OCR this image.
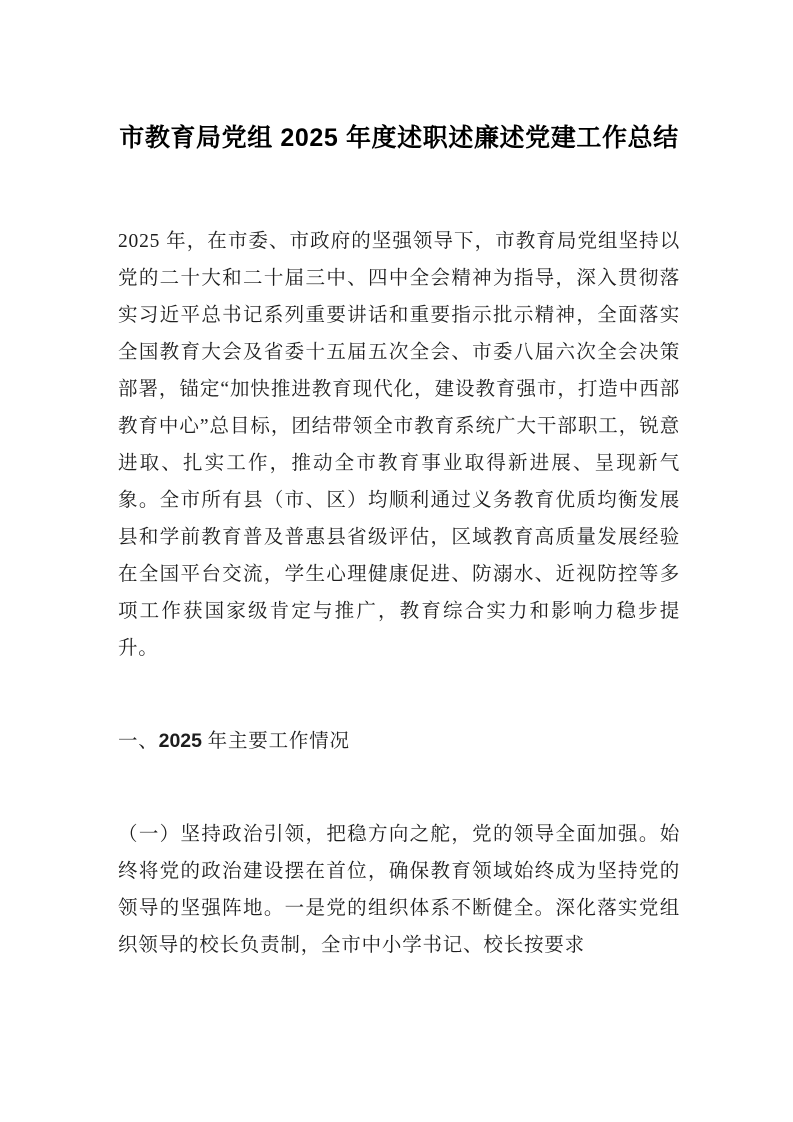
市教育局党组 2025 年度述职述廉述党建工作总结

2025 年，在市委、市政府的坚强领导下，市教育局党组坚持以党的二十大和二十届三中、四中全会精神为指导，深入贯彻落实习近平总书记系列重要讲话和重要指示批示精神，全面落实全国教育大会及省委十五届五次全会、市委八届六次全会决策部署，锚定“加快推进教育现代化，建设教育强市，打造中西部教育中心”总目标，团结带领全市教育系统广大干部职工，锐意进取、扎实工作，推动全市教育事业取得新进展、呈现新气象。全市所有县（市、区）均顺利通过义务教育优质均衡发展县和学前教育普及普惠县省级评估，区域教育高质量发展经验在全国平台交流，学生心理健康促进、防溺水、近视防控等多项工作获国家级肯定与推广，教育综合实力和影响力稳步提升。

一、2025 年主要工作情况

（一）坚持政治引领，把稳方向之舵，党的领导全面加强。始终将党的政治建设摆在首位，确保教育领域始终成为坚持党的领导的坚强阵地。一是党的组织体系不断健全。深化落实党组织领导的校长负责制，全市中小学书记、校长按要求
